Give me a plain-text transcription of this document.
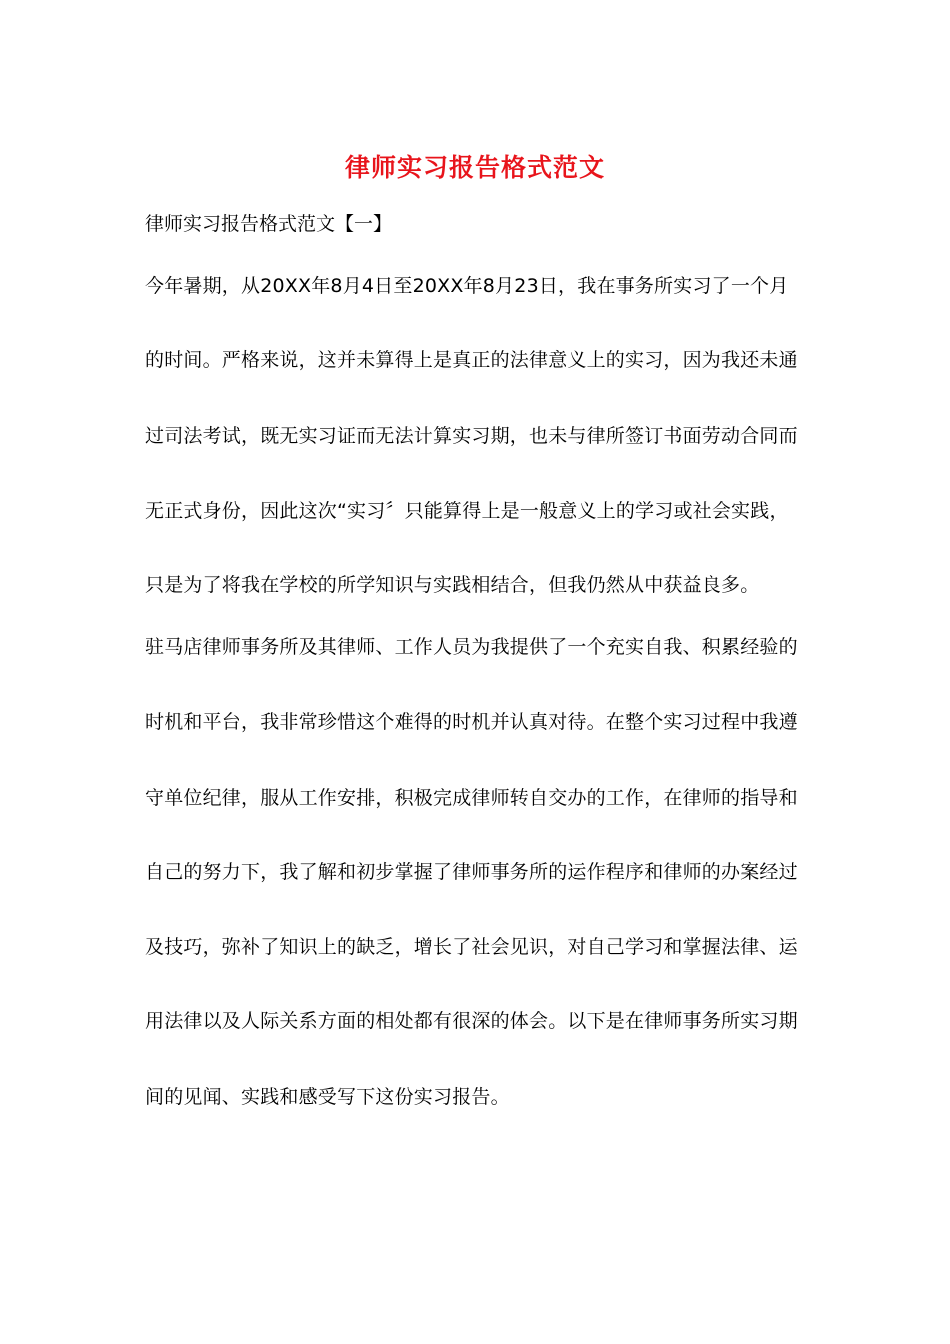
律师实习报告格式范文
律师实习报告格式范文【一】
今年暑期，从20XX年8月4日至20XX年8月23日，我在事务所实习了一个月
的时间。严格来说，这并未算得上是真正的法律意义上的实习，因为我还未通
过司法考试，既无实习证而无法计算实习期，也未与律所签订书面劳动合同而
无正式身份，因此这次“实习〞只能算得上是一般意义上的学习或社会实践，
只是为了将我在学校的所学知识与实践相结合，但我仍然从中获益良多。
驻马店律师事务所及其律师、工作人员为我提供了一个充实自我、积累经验的
时机和平台，我非常珍惜这个难得的时机并认真对待。在整个实习过程中我遵
守单位纪律，服从工作安排，积极完成律师转自交办的工作，在律师的指导和
自己的努力下，我了解和初步掌握了律师事务所的运作程序和律师的办案经过
及技巧，弥补了知识上的缺乏，增长了社会见识，对自己学习和掌握法律、运
用法律以及人际关系方面的相处都有很深的体会。以下是在律师事务所实习期
间的见闻、实践和感受写下这份实习报告。
